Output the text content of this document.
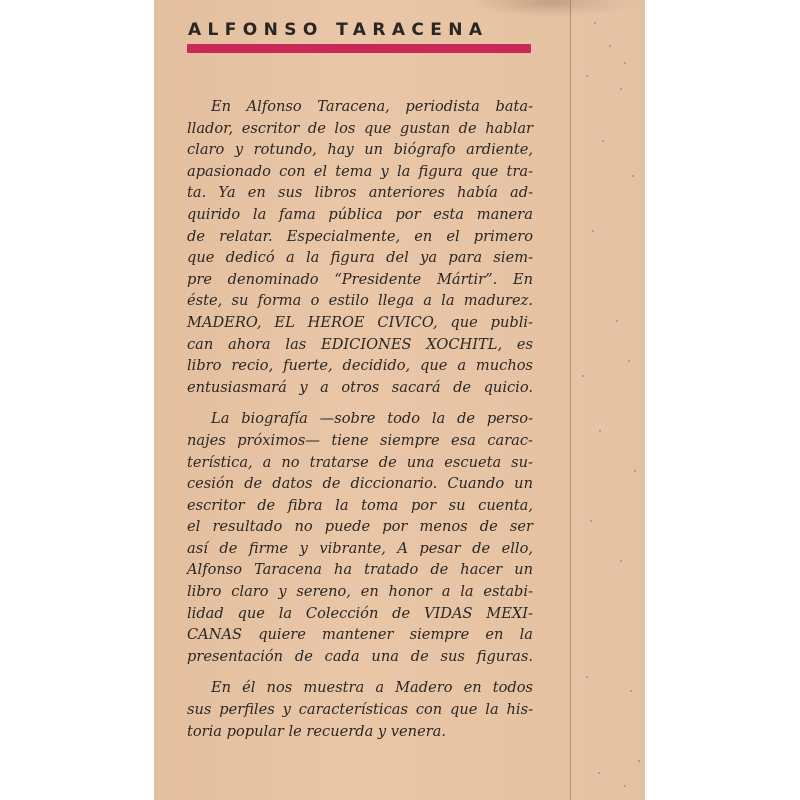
ALFONSO TARACENA

En Alfonso Taracena, periodista bata-
llador, escritor de los que gustan de hablar
claro y rotundo, hay un biógrafo ardiente,
apasionado con el tema y la figura que tra-
ta. Ya en sus libros anteriores había ad-
quirido la fama pública por esta manera
de relatar. Especialmente, en el primero
que dedicó a la figura del ya para siem-
pre denominado “Presidente Mártir”. En
éste, su forma o estilo llega a la madurez.
MADERO, EL HEROE CIVICO, que publi-
can ahora las EDICIONES XOCHITL, es
libro recio, fuerte, decidido, que a muchos
entusiasmará y a otros sacará de quicio.

La biografía —sobre todo la de perso-
najes próximos— tiene siempre esa carac-
terística, a no tratarse de una escueta su-
cesión de datos de diccionario. Cuando un
escritor de fibra la toma por su cuenta,
el resultado no puede por menos de ser
así de firme y vibrante, A pesar de ello,
Alfonso Taracena ha tratado de hacer un
libro claro y sereno, en honor a la estabi-
lidad que la Colección de VIDAS MEXI-
CANAS quiere mantener siempre en la
presentación de cada una de sus figuras.

En él nos muestra a Madero en todos
sus perfiles y características con que la his-
toria popular le recuerda y venera.
